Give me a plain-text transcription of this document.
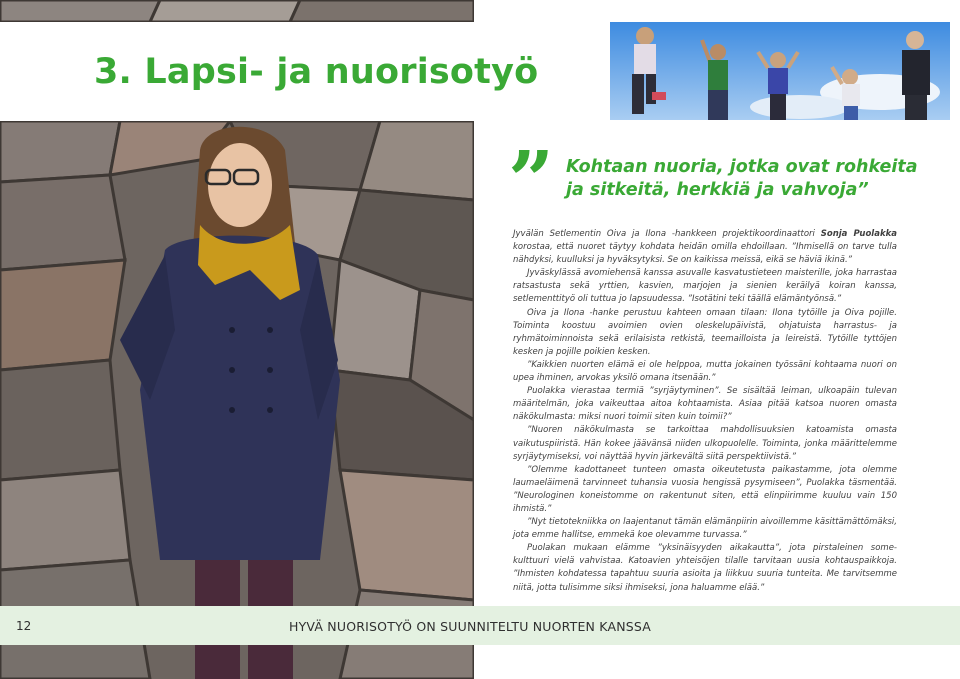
3. Lapsi- ja nuorisotyö
” Kohtaan nuoria, jotka ovat rohkeita
ja sitkeitä, herkkiä ja vahvoja”

Jyvälän Setlementin Oiva ja Ilona -hankkeen projektikoordinaattori Sonja Puolakka korostaa, että nuoret täytyy kohdata heidän omilla ehdoillaan. ”Ihmisellä on tarve tulla nähdyksi, kuulluksi ja hyväksytyksi. Se on kaikissa meissä, eikä se häviä ikinä.”

Jyväskylässä avomiehensä kanssa asuvalle kasvatustieteen maisterille, joka harrastaa ratsastusta sekä yrttien, kasvien, marjojen ja sienien keräilyä koiran kanssa, setlementtityö oli tuttua jo lapsuudessa. ”Isotätini teki täällä elämäntyönsä.”

Oiva ja Ilona -hanke perustuu kahteen omaan tilaan: Ilona tytöille ja Oiva pojille. Toiminta koostuu avoimien ovien oleskelupäivistä, ohjatuista harrastus- ja ryhmätoiminnoista sekä erilaisista retkistä, teemailloista ja leireistä. Tytöille tyttöjen kesken ja pojille poikien kesken.

”Kaikkien nuorten elämä ei ole helppoa, mutta jokainen työssäni kohtaama nuori on upea ihminen, arvokas yksilö omana itsenään.”

Puolakka vierastaa termiä ”syrjäytyminen”. Se sisältää leiman, ulkoapäin tulevan määritelmän, joka vaikeuttaa aitoa kohtaamista. Asiaa pitää katsoa nuoren omasta näkökulmasta: miksi nuori toimii siten kuin toimii?”

”Nuoren näkökulmasta se tarkoittaa mahdollisuuksien katoamista omasta vaikutuspiiristä. Hän kokee jäävänsä niiden ulkopuolelle. Toiminta, jonka määrittelemme syrjäytymiseksi, voi näyttää hyvin järkevältä siitä perspektiivistä.”

”Olemme kadottaneet tunteen omasta oikeutetusta paikastamme, jota olemme laumaeläimenä tarvinneet tuhansia vuosia hengissä pysymiseen”, Puolakka täsmentää. ”Neurologinen koneistomme on rakentunut siten, että elinpiirimme kuuluu vain 150 ihmistä.”

”Nyt tietotekniikka on laajentanut tämän elämänpiirin aivoillemme käsittämättömäksi, jota emme hallitse, emmekä koe olevamme turvassa.”

Puolakan mukaan elämme ”yksinäisyyden aikakautta”, jota pirstaleinen some-kulttuuri vielä vahvistaa. Katoavien yhteisöjen tilalle tarvitaan uusia kohtauspaikkoja. ”Ihmisten kohdatessa tapahtuu suuria asioita ja liikkuu suuria tunteita. Me tarvitsemme niitä, jotta tulisimme siksi ihmiseksi, jona haluamme elää.”

12	HYVÄ NUORISOTYÖ ON SUUNNITELTU NUORTEN KANSSA
